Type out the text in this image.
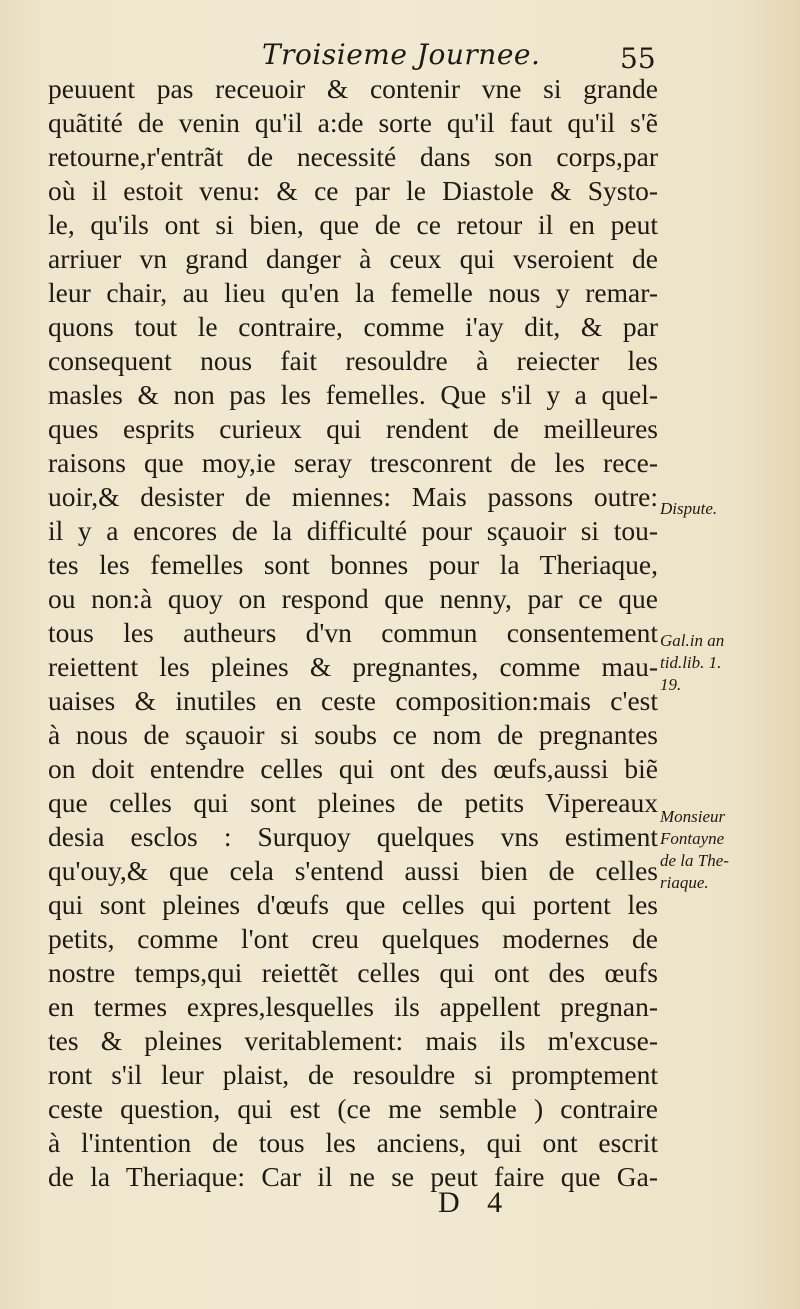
Troisieme Journee.	55
peuuent pas receuoir & contenir vne si grande
quãtité de venin qu'il a:de sorte qu'il faut qu'il s'ẽ
retourne,r'entrãt de necessité dans son corps,par
où il estoit venu: & ce par le Diastole & Systo-
le, qu'ils ont si bien, que de ce retour il en peut
arriuer vn grand danger à ceux qui vseroient de
leur chair, au lieu qu'en la femelle nous y remar-
quons tout le contraire, comme i'ay dit, & par
consequent nous fait resouldre à reiecter les
masles & non pas les femelles. Que s'il y a quel-
ques esprits curieux qui rendent de meilleures
raisons que moy,ie seray tresconrent de les rece-
uoir,& desister de miennes: Mais passons outre:
il y a encores de la difficulté pour sçauoir si tou-
tes les femelles sont bonnes pour la Theriaque,
ou non:à quoy on respond que nenny, par ce que
tous les autheurs d'vn commun consentement
reiettent les pleines & pregnantes, comme mau-
uaises & inutiles en ceste composition:mais c'est
à nous de sçauoir si soubs ce nom de pregnantes
on doit entendre celles qui ont des œufs,aussi biẽ
que celles qui sont pleines de petits Vipereaux
desia esclos : Surquoy quelques vns estiment
qu'ouy,& que cela s'entend aussi bien de celles
qui sont pleines d'œufs que celles qui portent les
petits, comme l'ont creu quelques modernes de
nostre temps,qui reiettẽt celles qui ont des œufs
en termes expres,lesquelles ils appellent pregnan-
tes & pleines veritablement: mais ils m'excuse-
ront s'il leur plaist, de resouldre si promptement
ceste question, qui est (ce me semble ) contraire
à l'intention de tous les anciens, qui ont escrit
de la Theriaque: Car il ne se peut faire que Ga-
Dispute.
Gal.in an
tid.lib. 1.
19.
Monsieur
Fontayne
de la The-
riaque.
D 4
